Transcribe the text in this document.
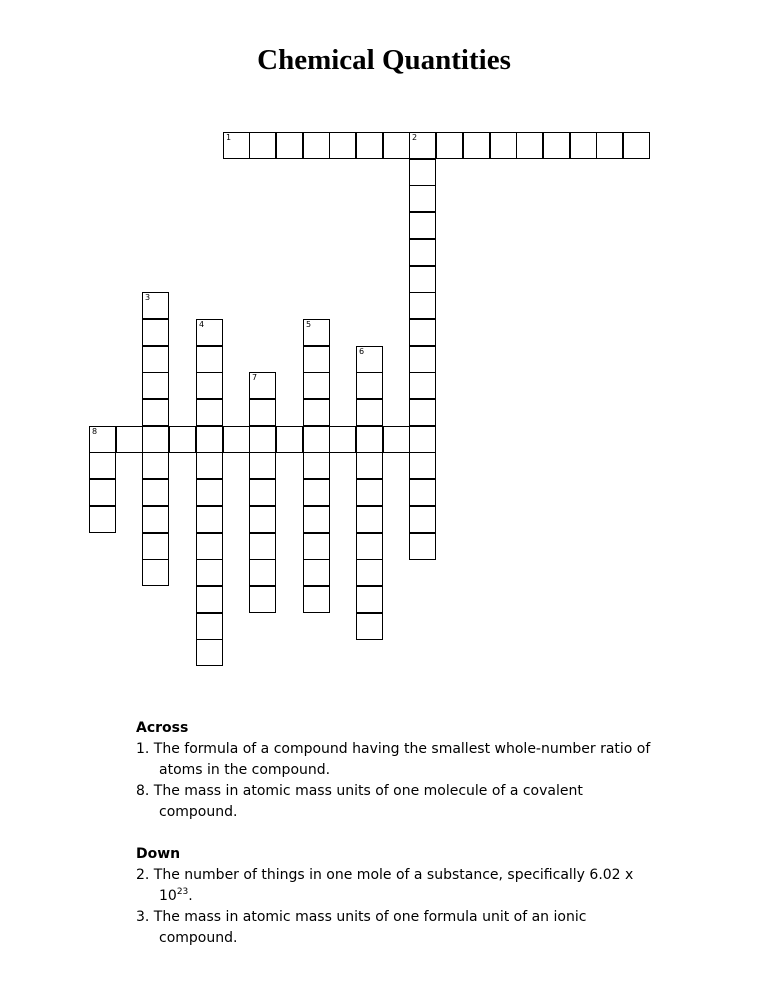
Chemical Quantities
1	2
3
4	5
6
7
8

Across

1. The formula of a compound having the smallest whole-number ratio of atoms in the compound.

8. The mass in atomic mass units of one molecule of a covalent compound.

Down

2. The number of things in one mole of a substance, specifically 6.02 x $10^{23}$.

3. The mass in atomic mass units of one formula unit of an ionic compound.
